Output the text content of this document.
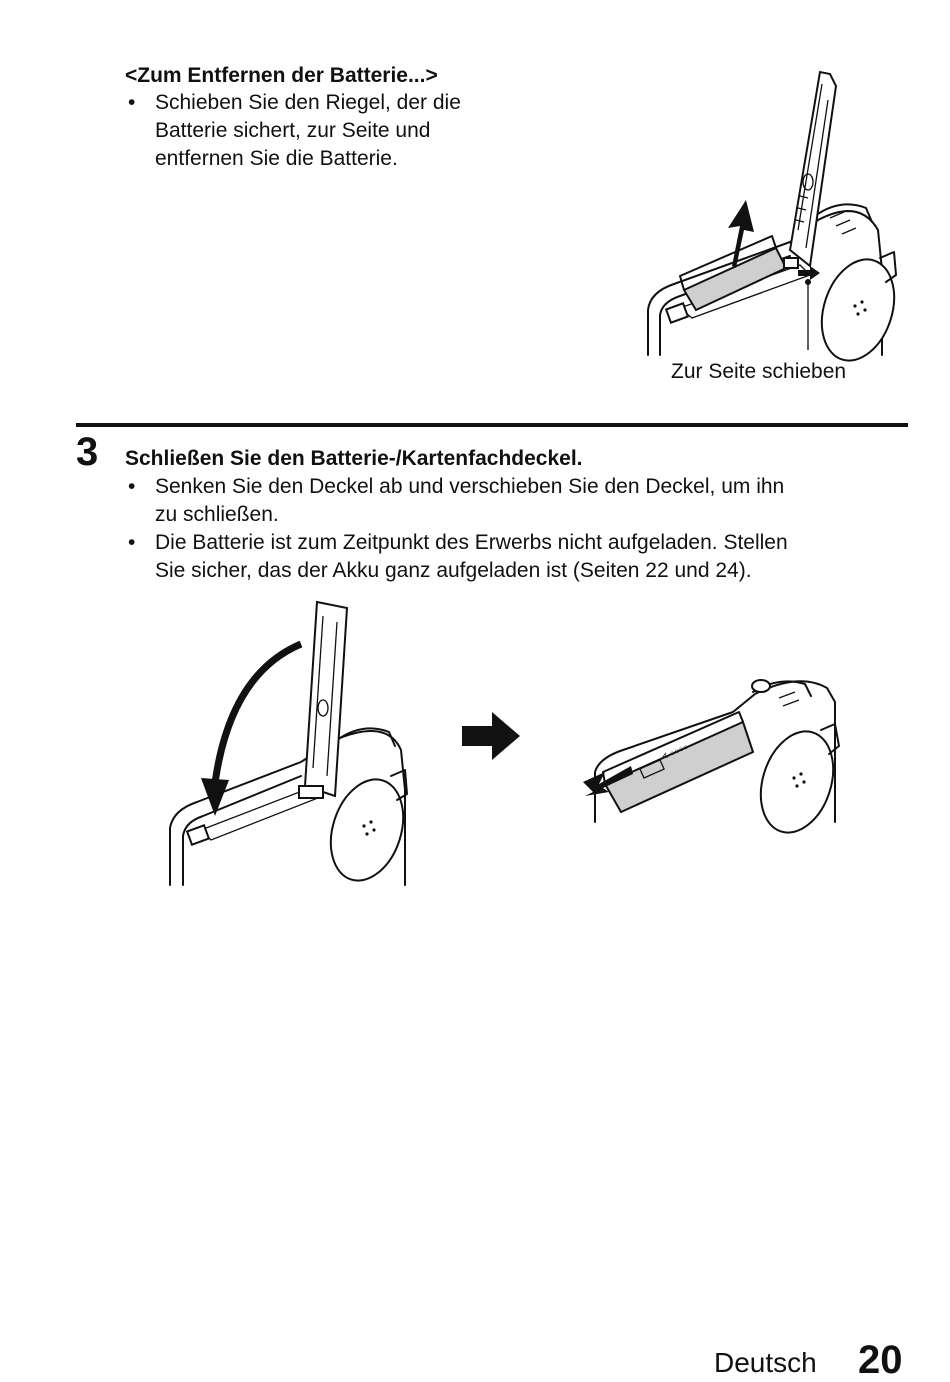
<Zum Entfernen der Batterie...>
• Schieben Sie den Riegel, der die
Batterie sichert, zur Seite und
entfernen Sie die Batterie.
Zur Seite schieben
3 Schließen Sie den Batterie-/Kartenfachdeckel.
• Senken Sie den Deckel ab und verschieben Sie den Deckel, um ihn
zu schließen.
• Die Batterie ist zum Zeitpunkt des Erwerbs nicht aufgeladen. Stellen
Sie sicher, das der Akku ganz aufgeladen ist (Seiten 22 und 24).
∢ ○○○○
Deutsch 20
